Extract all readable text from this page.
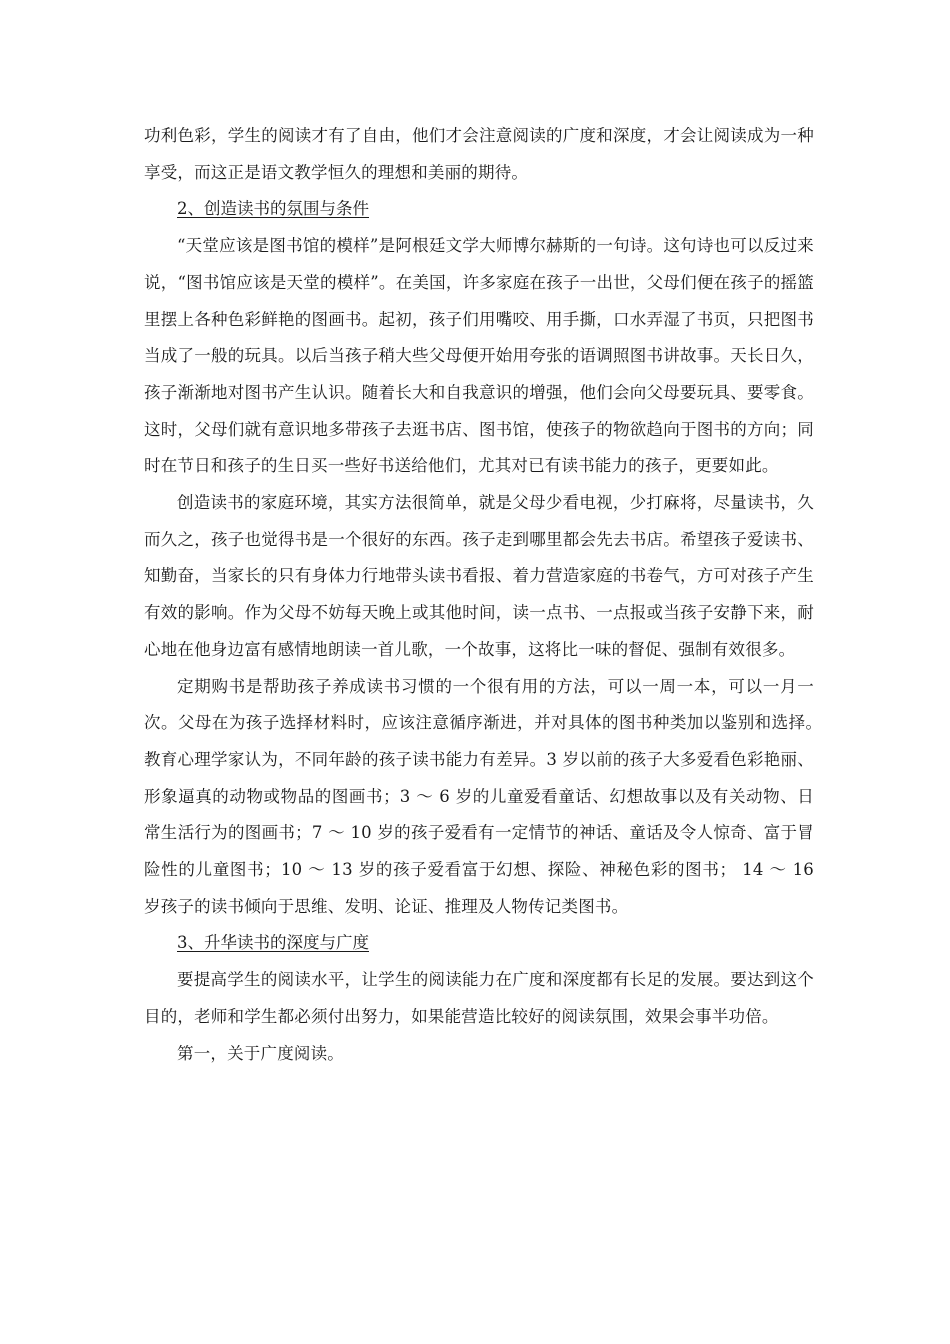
功利色彩，学生的阅读才有了自由，他们才会注意阅读的广度和深度，才会让阅读成为一种享受，而这正是语文教学恒久的理想和美丽的期待。

2、创造读书的氛围与条件

“天堂应该是图书馆的模样”是阿根廷文学大师博尔赫斯的一句诗。这句诗也可以反过来说，“图书馆应该是天堂的模样”。在美国，许多家庭在孩子一出世，父母们便在孩子的摇篮里摆上各种色彩鲜艳的图画书。起初，孩子们用嘴咬、用手撕，口水弄湿了书页，只把图书当成了一般的玩具。以后当孩子稍大些父母便开始用夸张的语调照图书讲故事。天长日久，孩子渐渐地对图书产生认识。随着长大和自我意识的增强，他们会向父母要玩具、要零食。这时，父母们就有意识地多带孩子去逛书店、图书馆，使孩子的物欲趋向于图书的方向；同时在节日和孩子的生日买一些好书送给他们，尤其对已有读书能力的孩子，更要如此。

创造读书的家庭环境，其实方法很简单，就是父母少看电视，少打麻将，尽量读书，久而久之，孩子也觉得书是一个很好的东西。孩子走到哪里都会先去书店。希望孩子爱读书、知勤奋，当家长的只有身体力行地带头读书看报、着力营造家庭的书卷气，方可对孩子产生有效的影响。作为父母不妨每天晚上或其他时间，读一点书、一点报或当孩子安静下来，耐心地在他身边富有感情地朗读一首儿歌，一个故事，这将比一味的督促、强制有效很多。

定期购书是帮助孩子养成读书习惯的一个很有用的方法，可以一周一本，可以一月一次。父母在为孩子选择材料时，应该注意循序渐进，并对具体的图书种类加以鉴别和选择。　教育心理学家认为，不同年龄的孩子读书能力有差异。3 岁以前的孩子大多爱看色彩艳丽、形象逼真的动物或物品的图画书；3 ～ 6 岁的儿童爱看童话、幻想故事以及有关动物、日常生活行为的图画书；7 ～ 10 岁的孩子爱看有一定情节的神话、童话及令人惊奇、富于冒险性的儿童图书；10 ～ 13 岁的孩子爱看富于幻想、探险、神秘色彩的图书； 14 ～ 16 岁孩子的读书倾向于思维、发明、论证、推理及人物传记类图书。

3、升华读书的深度与广度

要提高学生的阅读水平，让学生的阅读能力在广度和深度都有长足的发展。要达到这个目的，老师和学生都必须付出努力，如果能营造比较好的阅读氛围，效果会事半功倍。

第一，关于广度阅读。
